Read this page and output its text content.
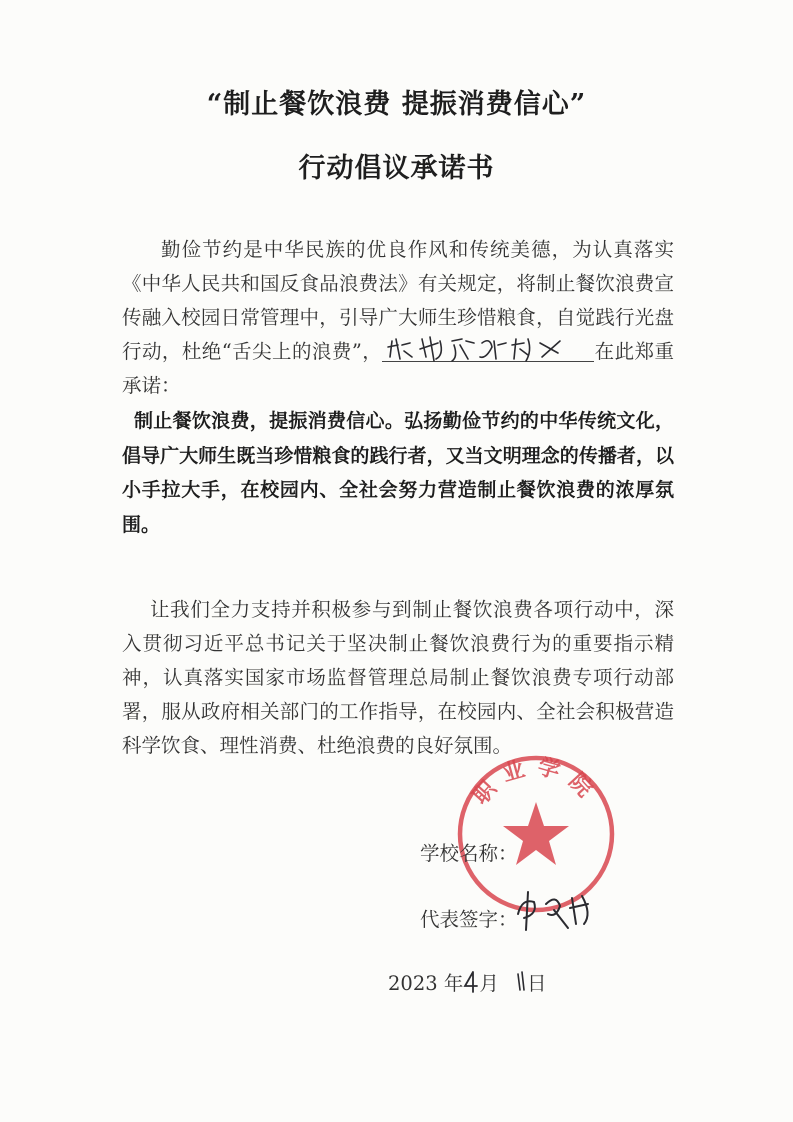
“制止餐饮浪费 提振消费信心”
行动倡议承诺书
勤俭节约是中华民族的优良作风和传统美德，为认真落实《中华人民共和国反食品浪费法》有关规定，将制止餐饮浪费宣传融入校园日常管理中，引导广大师生珍惜粮食，自觉践行光盘行动，杜绝“舌尖上的浪费”，	在此郑重承诺：
制止餐饮浪费，提振消费信心。弘扬勤俭节约的中华传统文化，倡导广大师生既当珍惜粮食的践行者，又当文明理念的传播者，以小手拉大手，在校园内、全社会努力营造制止餐饮浪费的浓厚氛围。
让我们全力支持并积极参与到制止餐饮浪费各项行动中，深入贯彻习近平总书记关于坚决制止餐饮浪费行为的重要指示精神，认真落实国家市场监督管理总局制止餐饮浪费专项行动部署，服从政府相关部门的工作指导，在校园内、全社会积极营造科学饮食、理性消费、杜绝浪费的良好氛围。
职业学院
学校名称：
代表签字：
2023 年 月 日
